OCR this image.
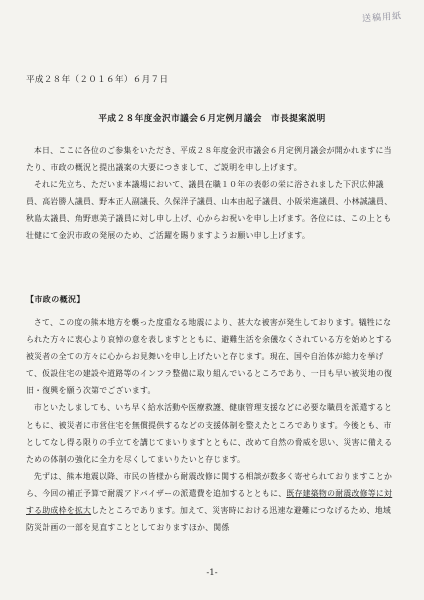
送稿用紙
平成２８年（２０１６年）６月７日
平成２８年度金沢市議会６月定例月議会　市長提案説明

本日、ここに各位のご参集をいただき、平成２８年度金沢市議会６月定例月議会が開かれますに当たり、市政の概況と提出議案の大要につきまして、ご説明を申し上げます。

それに先立ち、ただいま本議場において、議員在職１０年の表彰の栄に浴されました下沢広伸議員、高岩勝人議員、野本正人副議長、久保洋子議員、山本由起子議員、小阪栄進議員、小林誠議員、秋島太議員、角野恵美子議員に対し申し上げ、心からお祝いを申し上げます。各位には、この上とも壮健にて金沢市政の発展のため、ご活躍を賜りますようお願い申し上げます。

【市政の概況】

さて、この度の熊本地方を襲った度重なる地震により、甚大な被害が発生しております。犠牲になられた方々に衷心より哀悼の意を表しますとともに、避難生活を余儀なくされている方を始めとする被災者の全ての方々に心からお見舞いを申し上げたいと存じます。現在、国や自治体が総力を挙げて、仮設住宅の建設や道路等のインフラ整備に取り組んでいるところであり、一日も早い被災地の復旧・復興を願う次第でございます。

市といたしましても、いち早く給水活動や医療救護、健康管理支援などに必要な職員を派遣するとともに、被災者に市営住宅を無償提供するなどの支援体制を整えたところであります。今後とも、市としてなし得る限りの手立てを講じてまいりますとともに、改めて自然の脅威を思い、災害に備えるための体制の強化に全力を尽くしてまいりたいと存じます。

先ずは、熊本地震以降、市民の皆様から耐震改修に関する相談が数多く寄せられておりますことから、今回の補正予算で耐震アドバイザーの派遣費を追加するとともに、既存建築物の耐震改修等に対する助成枠を拡大したところであります。加えて、災害時における迅速な避難につなげるため、地域防災計画の一部を見直すこととしておりますほか、関係

-1-
